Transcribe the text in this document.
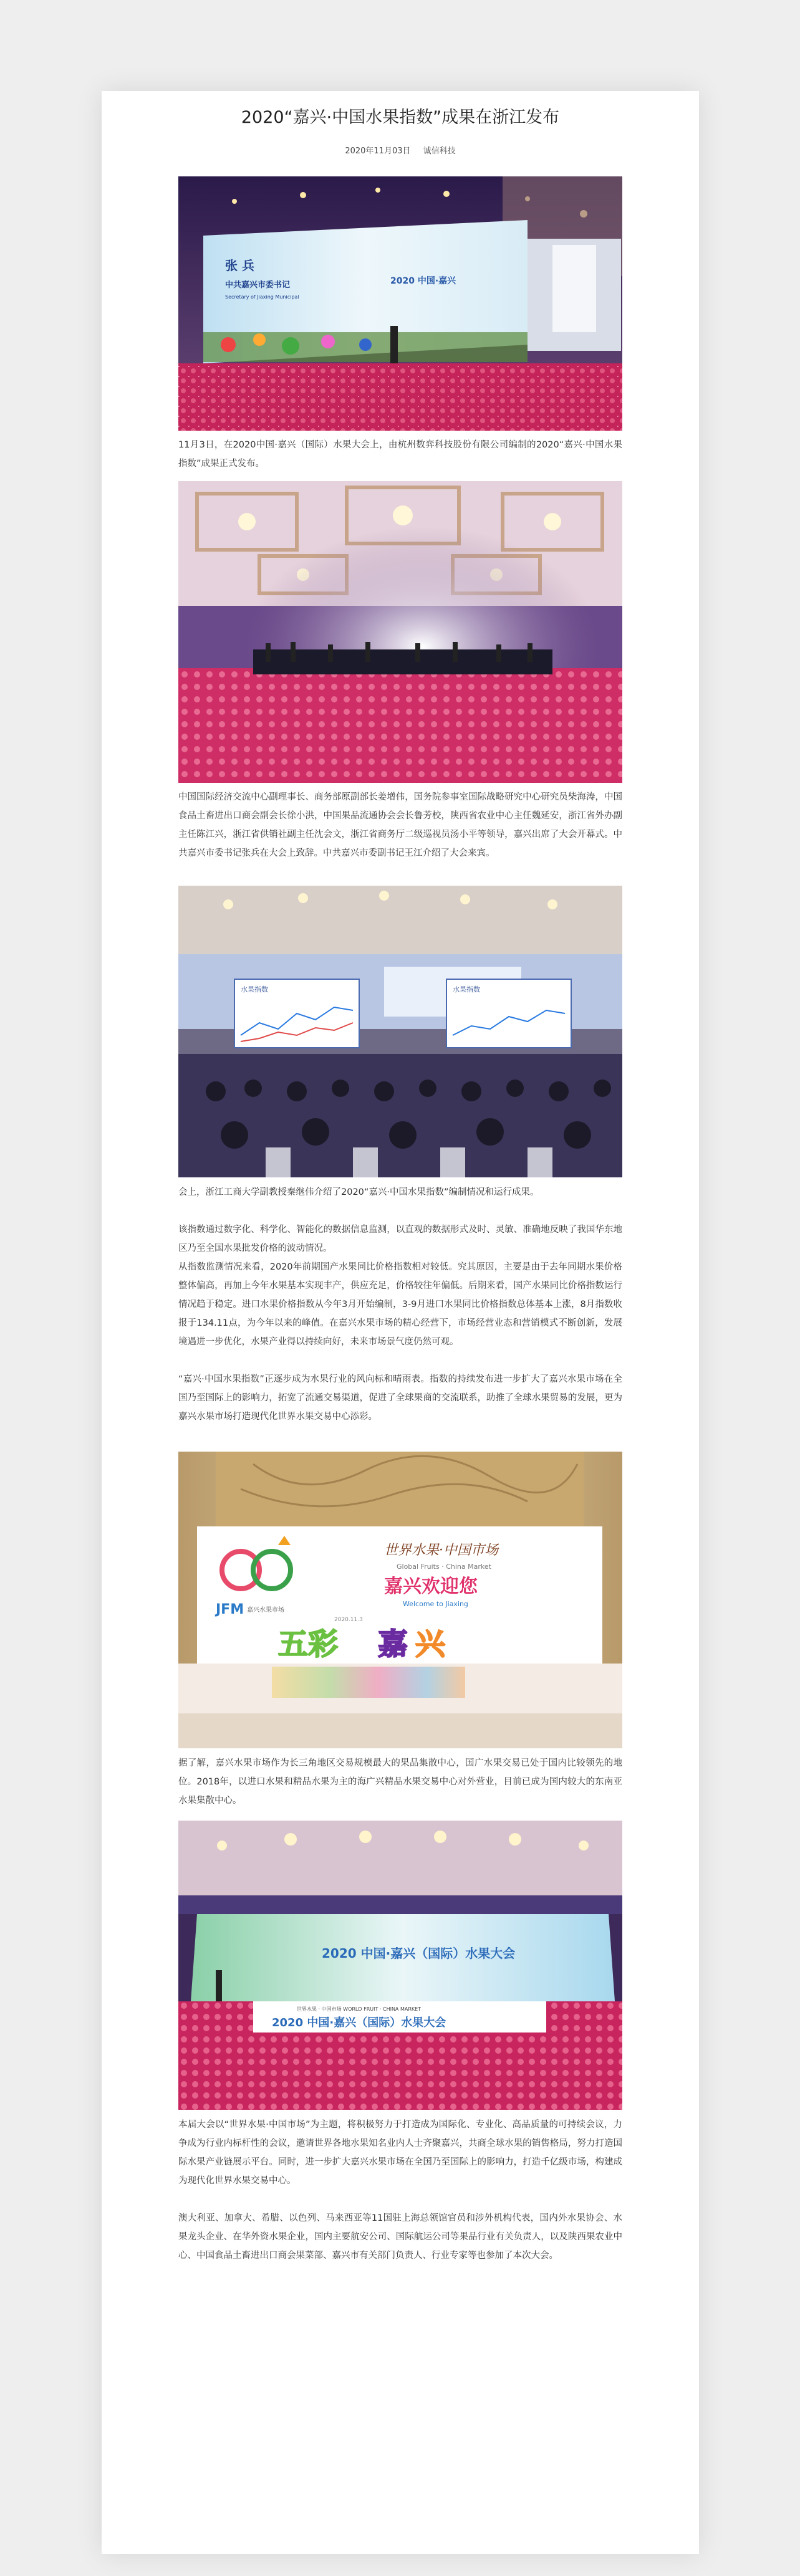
2020“嘉兴·中国水果指数”成果在浙江发布
2020年11月03日 诚信科技
张 兵
中共嘉兴市委书记
Secretary of Jiaxing Municipal
2020 中国·嘉兴

11月3日，在2020中国·嘉兴（国际）水果大会上，由杭州数弈科技股份有限公司编制的2020“嘉兴·中国水果指数”成果正式发布。

中国国际经济交流中心副理事长、商务部原副部长姜增伟，国务院参事室国际战略研究中心研究员柴海涛，中国食品土畜进出口商会副会长徐小洪，中国果品流通协会会长鲁芳校，陕西省农业中心主任魏延安，浙江省外办副主任陈江兴，浙江省供销社副主任沈会文，浙江省商务厅二级巡视员汤小平等领导，嘉兴出席了大会开幕式。中共嘉兴市委书记张兵在大会上致辞。中共嘉兴市委副书记王江介绍了大会来宾。

水果指数	水果指数

会上，浙江工商大学副教授秦继伟介绍了2020“嘉兴·中国水果指数”编制情况和运行成果。

该指数通过数字化、科学化、智能化的数据信息监测，以直观的数据形式及时、灵敏、准确地反映了我国华东地区乃至全国水果批发价格的波动情况。

从指数监测情况来看，2020年前期国产水果同比价格指数相对较低。究其原因，主要是由于去年同期水果价格整体偏高，再加上今年水果基本实现丰产，供应充足，价格较往年偏低。后期来看，国产水果同比价格指数运行情况趋于稳定。进口水果价格指数从今年3月开始编制，3-9月进口水果同比价格指数总体基本上涨，8月指数收报于134.11点，为今年以来的峰值。在嘉兴水果市场的精心经营下，市场经营业态和营销模式不断创新，发展境遇进一步优化，水果产业得以持续向好，未来市场景气度仍然可观。

“嘉兴·中国水果指数”正逐步成为水果行业的风向标和晴雨表。指数的持续发布进一步扩大了嘉兴水果市场在全国乃至国际上的影响力，拓宽了流通交易渠道，促进了全球果商的交流联系，助推了全球水果贸易的发展，更为嘉兴水果市场打造现代化世界水果交易中心添彩。

JFM 嘉兴水果市场
世界水果·中国市场
Global Fruits · China Market
嘉兴欢迎您
Welcome to Jiaxing
2020.11.3
五彩 嘉 兴

据了解，嘉兴水果市场作为长三角地区交易规模最大的果品集散中心，国广水果交易已处于国内比较领先的地位。2018年，以进口水果和精品水果为主的海广兴精品水果交易中心对外营业，目前已成为国内较大的东南亚水果集散中心。

2020 中国·嘉兴（国际）水果大会
世界水果 · 中国市场 WORLD FRUIT · CHINA MARKET
2020 中国·嘉兴（国际）水果大会

本届大会以“世界水果·中国市场”为主题，将积极努力于打造成为国际化、专业化、高品质量的可持续会议，力争成为行业内标杆性的会议，邀请世界各地水果知名业内人士齐聚嘉兴，共商全球水果的销售格局，努力打造国际水果产业链展示平台。同时，进一步扩大嘉兴水果市场在全国乃至国际上的影响力，打造千亿级市场，构建成为现代化世界水果交易中心。

澳大利亚、加拿大、希腊、以色列、马来西亚等11国驻上海总领馆官员和涉外机构代表，国内外水果协会、水果龙头企业、在华外资水果企业，国内主要航安公司、国际航运公司等果品行业有关负责人，以及陕西果农业中心、中国食品土畜进出口商会果菜部、嘉兴市有关部门负责人、行业专家等也参加了本次大会。
